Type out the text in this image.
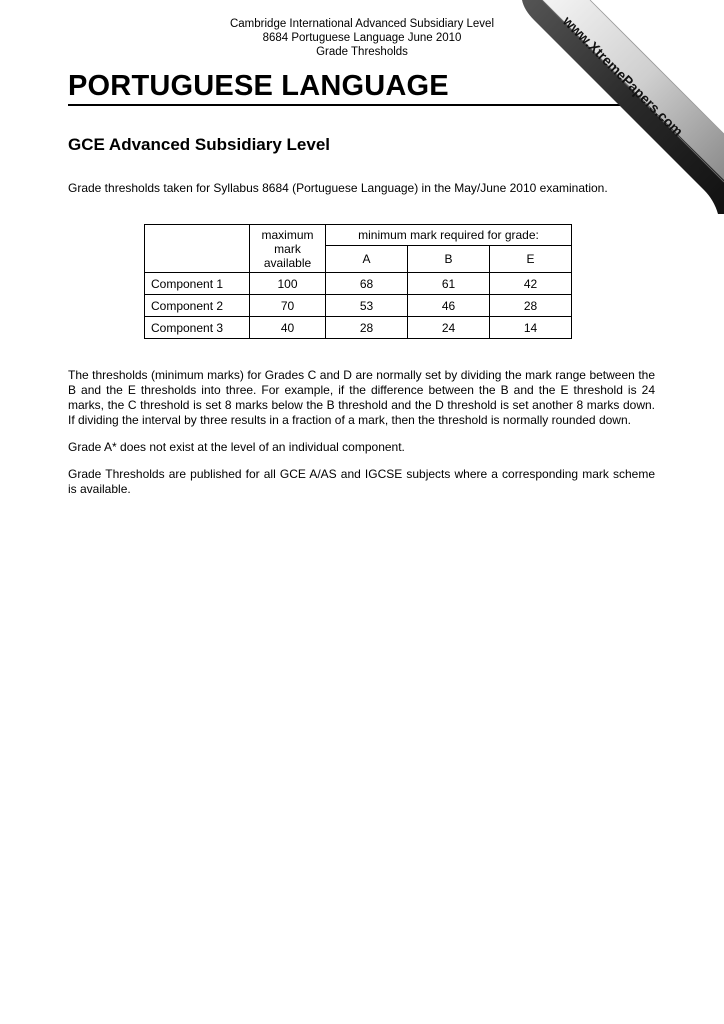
Cambridge International Advanced Subsidiary Level
8684 Portuguese Language June 2010
Grade Thresholds
PORTUGUESE LANGUAGE
GCE Advanced Subsidiary Level
Grade thresholds taken for Syllabus 8684 (Portuguese Language) in the May/June 2010 examination.
	maximum mark available	minimum mark required for grade:		
		A	B	E
Component 1	100	68	61	42
Component 2	70	53	46	28
Component 3	40	28	24	14

The thresholds (minimum marks) for Grades C and D are normally set by dividing the mark range between the B and the E thresholds into three. For example, if the difference between the B and the E threshold is 24 marks, the C threshold is set 8 marks below the B threshold and the D threshold is set another 8 marks down. If dividing the interval by three results in a fraction of a mark, then the threshold is normally rounded down.

Grade A* does not exist at the level of an individual component.

Grade Thresholds are published for all GCE A/AS and IGCSE subjects where a corresponding mark scheme is available.

www.XtremePapers.com
